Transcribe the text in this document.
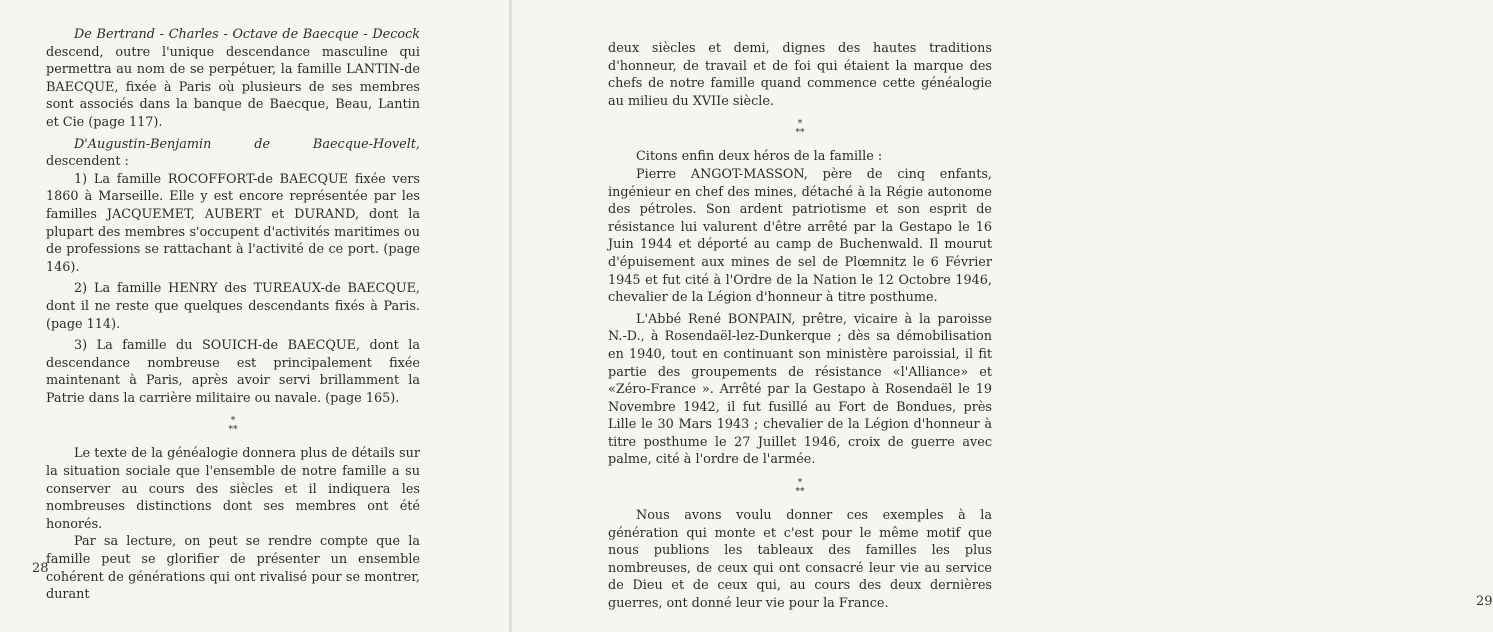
De Bertrand - Charles - Octave de Baecque - Decock descend, outre l'unique descendance masculine qui permettra au nom de se perpétuer, la famille LANTIN-de BAECQUE, fixée à Paris où plusieurs de ses membres sont associés dans la banque de Baecque, Beau, Lantin et Cie (page 117).

D'Augustin-Benjamin de Baecque-Hovelt, descendent :

1) La famille ROCOFFORT-de BAECQUE fixée vers 1860 à Marseille. Elle y est encore représentée par les familles JACQUEMET, AUBERT et DURAND, dont la plupart des membres s'occupent d'activités maritimes ou de professions se rattachant à l'activité de ce port. (page 146).

2) La famille HENRY des TUREAUX-de BAECQUE, dont il ne reste que quelques descendants fixés à Paris. (page 114).

3) La famille du SOUICH-de BAECQUE, dont la descendance nombreuse est principalement fixée maintenant à Paris, après avoir servi brillamment la Patrie dans la carrière militaire ou navale. (page 165).

*
**

Le texte de la généalogie donnera plus de détails sur la situation sociale que l'ensemble de notre famille a su conserver au cours des siècles et il indiquera les nombreuses distinctions dont ses membres ont été honorés.

Par sa lecture, on peut se rendre compte que la famille peut se glorifier de présenter un ensemble cohérent de générations qui ont rivalisé pour se montrer, durant

28

deux siècles et demi, dignes des hautes traditions d'honneur, de travail et de foi qui étaient la marque des chefs de notre famille quand commence cette généalogie au milieu du XVIIe siècle.

*
**

Citons enfin deux héros de la famille :

Pierre ANGOT-MASSON, père de cinq enfants, ingénieur en chef des mines, détaché à la Régie autonome des pétroles. Son ardent patriotisme et son esprit de résistance lui valurent d'être arrêté par la Gestapo le 16 Juin 1944 et déporté au camp de Buchenwald. Il mourut d'épuisement aux mines de sel de Plœmnitz le 6 Février 1945 et fut cité à l'Ordre de la Nation le 12 Octobre 1946, chevalier de la Légion d'honneur à titre posthume.

L'Abbé René BONPAIN, prêtre, vicaire à la paroisse N.-D., à Rosendaël-lez-Dunkerque ; dès sa démobilisation en 1940, tout en continuant son ministère paroissial, il fit partie des groupements de résistance «l'Alliance» et «Zéro-France ». Arrêté par la Gestapo à Rosendaël le 19 Novembre 1942, il fut fusillé au Fort de Bondues, près Lille le 30 Mars 1943 ; chevalier de la Légion d'honneur à titre posthume le 27 Juillet 1946, croix de guerre avec palme, cité à l'ordre de l'armée.

*
**

Nous avons voulu donner ces exemples à la génération qui monte et c'est pour le même motif que nous publions les tableaux des familles les plus nombreuses, de ceux qui ont consacré leur vie au service de Dieu et de ceux qui, au cours des deux dernières guerres, ont donné leur vie pour la France.	29
